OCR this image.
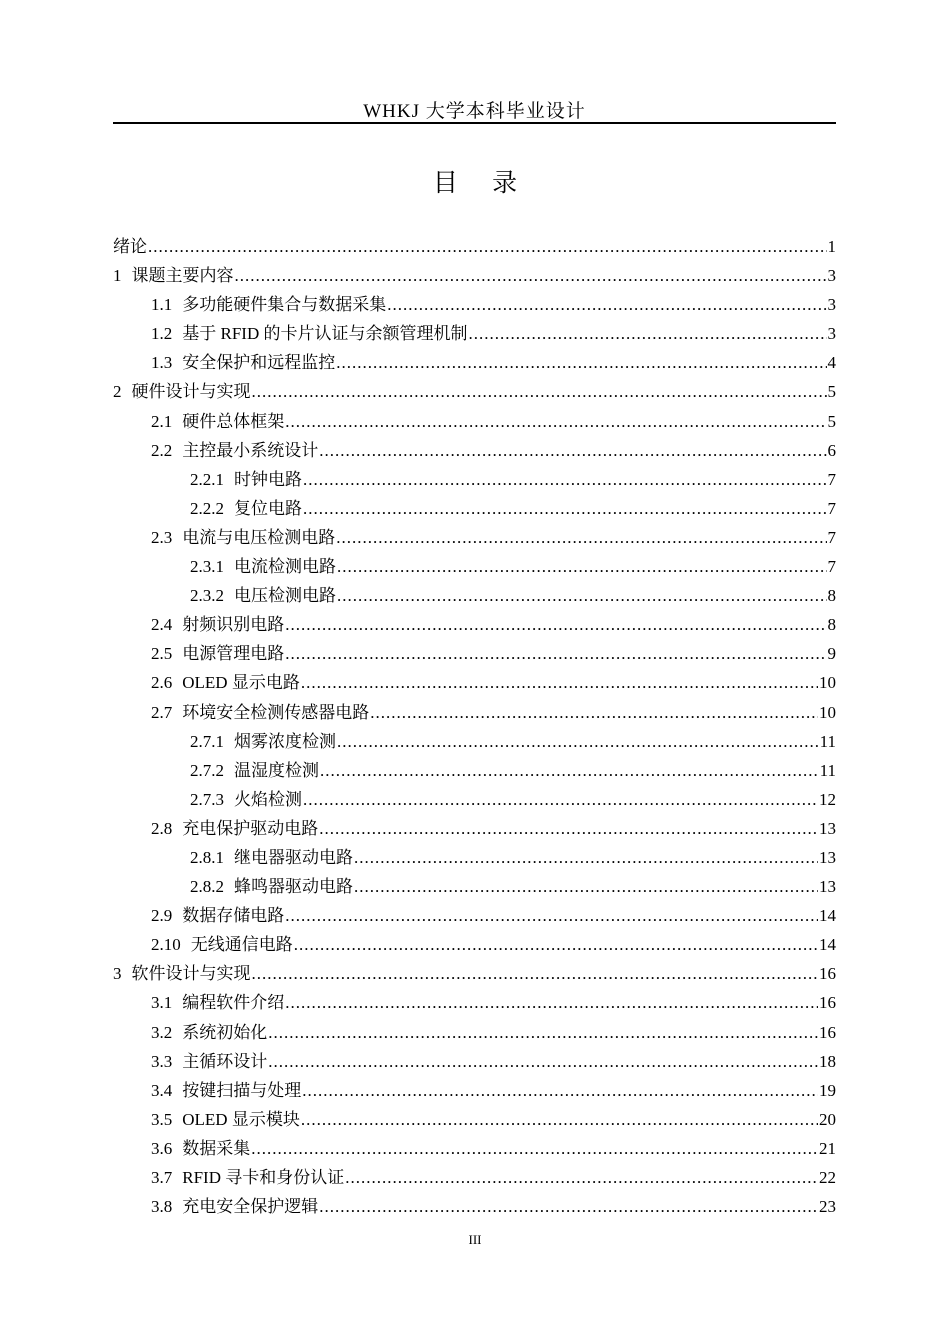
WHKJ 大学本科毕业设计
目 录
绪论 .....	1
1 课题主要内容 .....	3
1.1 多功能硬件集合与数据采集 .....	3
1.2 基于 RFID 的卡片认证与余额管理机制 .....	3
1.3 安全保护和远程监控 .....	4
2 硬件设计与实现 .....	5
2.1 硬件总体框架 .....	5
2.2 主控最小系统设计 .....	6
2.2.1 时钟电路 .....	7
2.2.2 复位电路 .....	7
2.3 电流与电压检测电路 .....	7
2.3.1 电流检测电路 .....	7
2.3.2 电压检测电路 .....	8
2.4 射频识别电路 .....	8
2.5 电源管理电路 .....	9
2.6 OLED 显示电路 .....	10
2.7 环境安全检测传感器电路 .....	10
2.7.1 烟雾浓度检测 .....	11
2.7.2 温湿度检测 .....	11
2.7.3 火焰检测 .....	12
2.8 充电保护驱动电路 .....	13
2.8.1 继电器驱动电路 .....	13
2.8.2 蜂鸣器驱动电路 .....	13
2.9 数据存储电路 .....	14
2.10 无线通信电路 .....	14
3 软件设计与实现 .....	16
3.1 编程软件介绍 .....	16
3.2 系统初始化 .....	16
3.3 主循环设计 .....	18
3.4 按键扫描与处理 .....	19
3.5 OLED 显示模块 .....	20
3.6 数据采集 .....	21
3.7 RFID 寻卡和身份认证 .....	22
3.8 充电安全保护逻辑 .....	23
III
